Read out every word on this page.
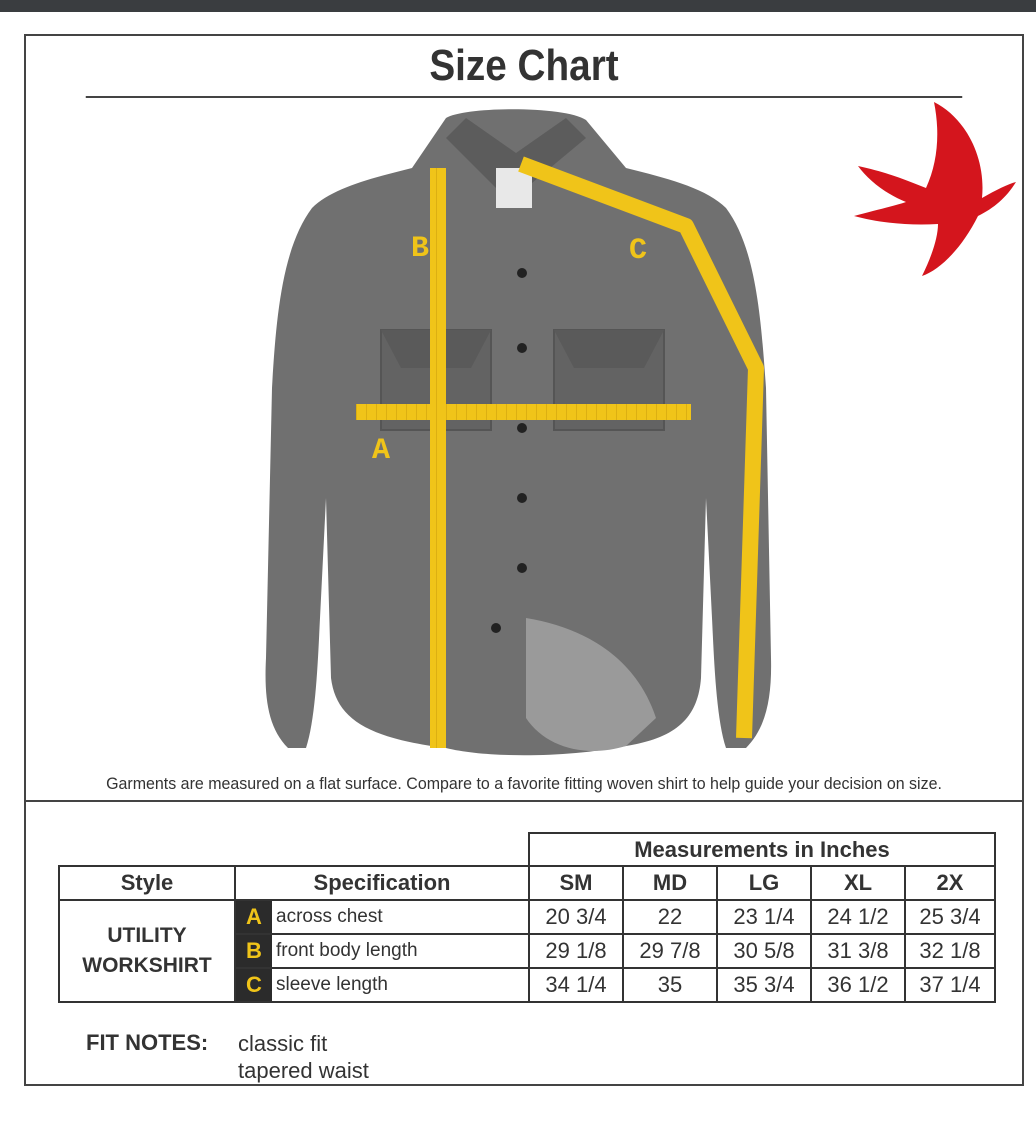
Size Chart
B	C
A
Garments are measured on a flat surface. Compare to a favorite fitting woven shirt to help guide your decision on size.
		Measurements in Inches				
Style	Specification	SM	MD	LG	XL	2X
UTILITY
WORKSHIRT	A across chest	20 3/4	22	23 1/4	24 1/2	25 3/4
	B front body length	29 1/8	29 7/8	30 5/8	31 3/8	32 1/8
	C sleeve length	34 1/4	35	35 3/4	36 1/2	37 1/4
FIT NOTES: classic fit
tapered waist
